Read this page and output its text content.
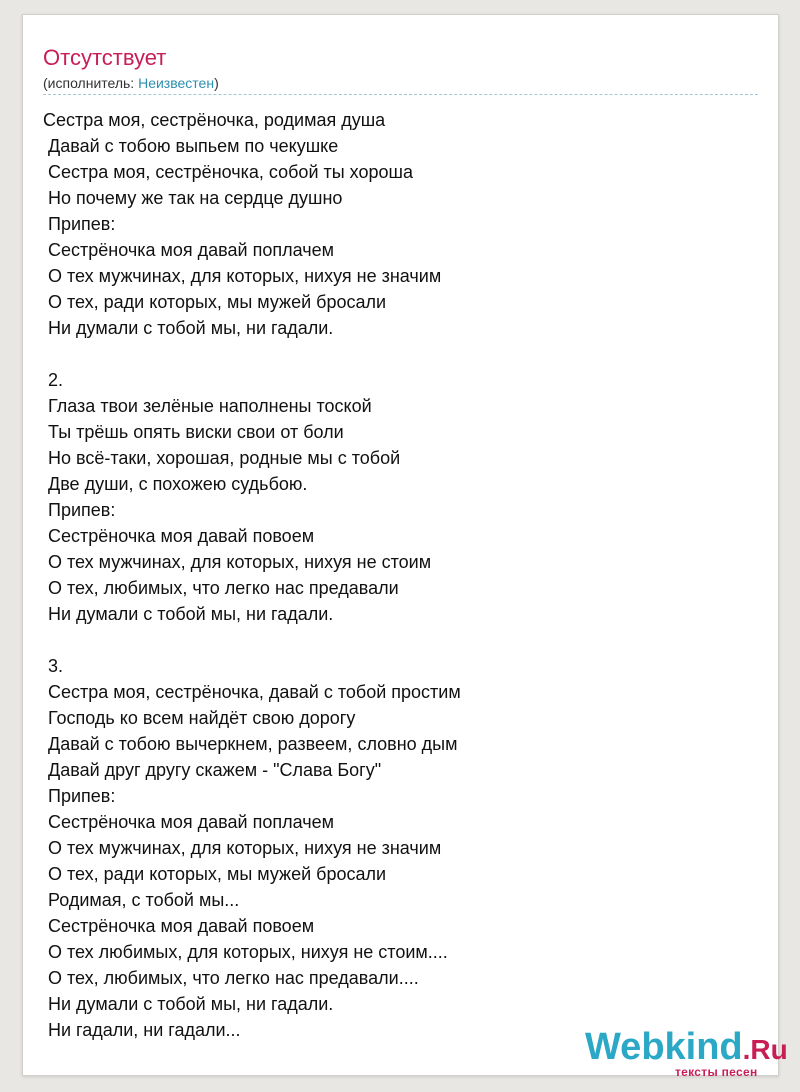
Отсутствует
(исполнитель: Неизвестен)
Сестра моя, сестрёночка, родимая душа
Давай с тобою выпьем по чекушке
Сестра моя, сестрёночка, собой ты хороша
Но почему же так на сердце душно
Припев:
Сестрёночка моя давай поплачем
О тех мужчинах, для которых, нихуя не значим
О тех, ради которых, мы мужей бросали
Ни думали с тобой мы, ни гадали.
2.
Глаза твои зелёные наполнены тоской
Ты трёшь опять виски свои от боли
Но всё-таки, хорошая, родные мы с тобой
Две души, с похожею судьбою.
Припев:
Сестрёночка моя давай повоем
О тех мужчинах, для которых, нихуя не стоим
О тех, любимых, что легко нас предавали
Ни думали с тобой мы, ни гадали.
3.
Сестра моя, сестрёночка, давай с тобой простим
Господь ко всем найдёт свою дорогу
Давай с тобою вычеркнем, развеем, словно дым
Давай друг другу скажем - "Слава Богу"
Припев:
Сестрёночка моя давай поплачем
О тех мужчинах, для которых, нихуя не значим
О тех, ради которых, мы мужей бросали
Родимая, с тобой мы...
Сестрёночка моя давай повоем
О тех любимых, для которых, нихуя не стоим....
О тех, любимых, что легко нас предавали....
Ни думали с тобой мы, ни гадали.
Ни гадали, ни гадали...	Webkind.Ru
тексты песен
